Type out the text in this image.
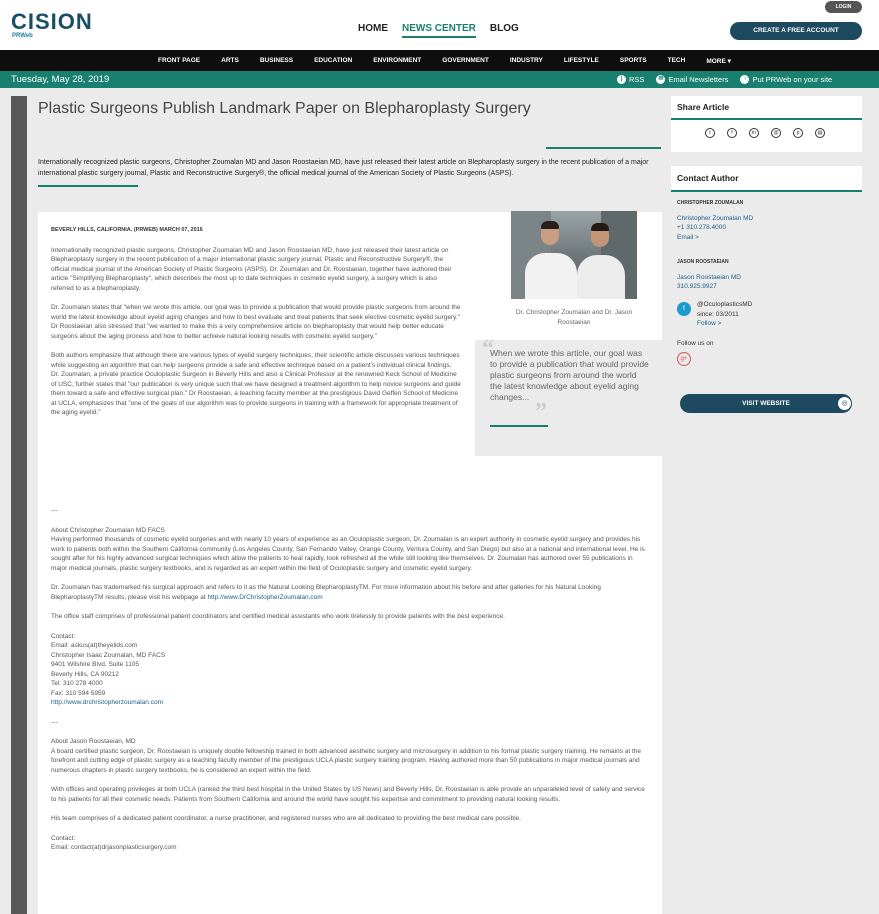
CISION
PRWeb
HOME NEWS CENTER BLOG
LOGIN
CREATE A FREE ACCOUNT
FRONT PAGE	ARTS	BUSINESS	EDUCATION	ENVIRONMENT	GOVERNMENT	INDUSTRY	LIFESTYLE	SPORTS	TECH	MORE ▾
Tuesday, May 28, 2019	) RSS	✉ Email Newsletters	↑ Put PRWeb on your site
Plastic Surgeons Publish Landmark Paper on Blepharoplasty Surgery
Internationally recognized plastic surgeons, Christopher Zoumalan MD and Jason Roostaeian MD, have just released their latest article on Blepharoplasty surgery in the recent publication of a major international plastic surgery journal, Plastic and Reconstructive Surgery®, the official medical journal of the American Society of Plastic Surgeons (ASPS).

BEVERLY HILLS, CALIFORNIA. (PRWEB) MARCH 07, 2016

Internationally recognized plastic surgeons, Christopher Zoumalan MD and Jason Roostaeian MD, have just released their latest article on Blepharoplasty surgery in the recent publication of a major international plastic surgery journal, Plastic and Reconstructive Surgery®, the official medical journal of the American Society of Plastic Surgeons (ASPS). Dr. Zoumalan and Dr. Roostaeian, together have authored their article "Simplifying Blepharoplasty", which describes the most up to date techniques in cosmetic eyelid surgery, a surgery which is also referred to as a blepharoplasty.

Dr. Zoumalan states that "when we wrote this article, our goal was to provide a publication that would provide plastic surgeons from around the world the latest knowledge about eyelid aging changes and how to best evaluate and treat patients that seek elective cosmetic eyelid surgery." Dr Roostaeian also stressed that "we wanted to make this a very comprehensive article on blepharoplasty that would help better educate surgeons about the aging process and how to better achieve natural looking results with cosmetic eyelid surgery."

Both authors emphasize that although there are various types of eyelid surgery techniques, their scientific article discusses various techniques while suggesting an algorithm that can help surgeons provide a safe and effective technique based on a patient's individual clinical findings. Dr. Zoumalan, a private practice Oculoplastic Surgeon in Beverly Hills and also a Clinical Professor at the renowned Keck School of Medicine of USC, further states that "our publication is very unique such that we have designed a treatment algorithm to help novice surgeons and guide them toward a safe and effective surgical plan." Dr Roostaeian, a teaching faculty member at the prestigious David Geffen School of Medicine at UCLA, emphasizes that "one of the goals of our algorithm was to provide surgeons in training with a framework for appropriate treatment of the aging eyelid."

---

About Christopher Zoumalan MD FACS

Having performed thousands of cosmetic eyelid surgeries and with nearly 10 years of experience as an Oculoplastic surgeon, Dr. Zoumalan is an expert authority in cosmetic eyelid surgery and provides his work to patients both within the Southern California community (Los Angeles County, San Fernando Valley, Orange County, Ventura County, and San Diego) but also at a national and international level. He is sought after for his highly advanced surgical techniques which allow the patients to heal rapidly, look refreshed all the while still looking like themselves. Dr. Zoumalan has authored over 55 publications in major medical journals, plastic surgery textbooks, and is regarded as an expert within the field of Oculoplastic surgery and cosmetic eyelid surgery.

Dr. Zoumalan has trademarked his surgical approach and refers to it as the Natural Looking BlepharoplastyTM. For more information about his before and after galleries for his Natural Looking BlepharoplastyTM results, please visit his webpage at http://www.DrChristopherZoumalan.com

The office staff comprises of professional patient coordinators and certified medical assistants who work tirelessly to provide patients with the best experience.

Contact:
Email: askus(at)theyelids.com
Christopher Isaac Zoumalan, MD FACS
9401 Wilshire Blvd, Suite 1105
Beverly Hills, CA 90212
Tel: 310 278 4000
Fax: 310 594 5959
http://www.drchristopherzoumalan.com

---

About Jason Roostaeian, MD

A board certified plastic surgeon, Dr. Roostaeian is uniquely double fellowship trained in both advanced aesthetic surgery and microsurgery in addition to his formal plastic surgery training. He remains at the forefront and cutting edge of plastic surgery as a teaching faculty member of the prestigious UCLA plastic surgery training program. Having authored more than 50 publications in major medical journals and numerous chapters in plastic surgery textbooks, he is considered an expert within the field.

With offices and operating privileges at both UCLA (ranked the third best hospital in the United States by US News) and Beverly Hills, Dr. Roostaeian is able provide an unparalleled level of safety and service to his patients for all their cosmetic needs. Patients from Southern California and around the world have sought his expertise and commitment to providing natural looking results.

His team comprises of a dedicated patient coordinator, a nurse practitioner, and registered nurses who are all dedicated to providing the best medical care possible.

Contact:
Email: contact(at)drjasonplasticsurgery.com

Dr. Christopher Zoumalan and Dr. Jason Roostaeian
“
When we wrote this article, our goal was to provide a publication that would provide plastic surgeons from around the world the latest knowledge about eyelid aging changes...
”
Share Article
t	f	in	@	p	▤
Contact Author
CHRISTOPHER ZOUMALAN
Christopher Zoumalan MD
+1 310.278.4000
Email >
JASON ROOSTAEIAN
Jason Roostaeian MD
310.925.9927
t
@OculoplasticsMD
since: 03/2011
Follow >
Follow us on
g+
VISIT WEBSITE	◎
